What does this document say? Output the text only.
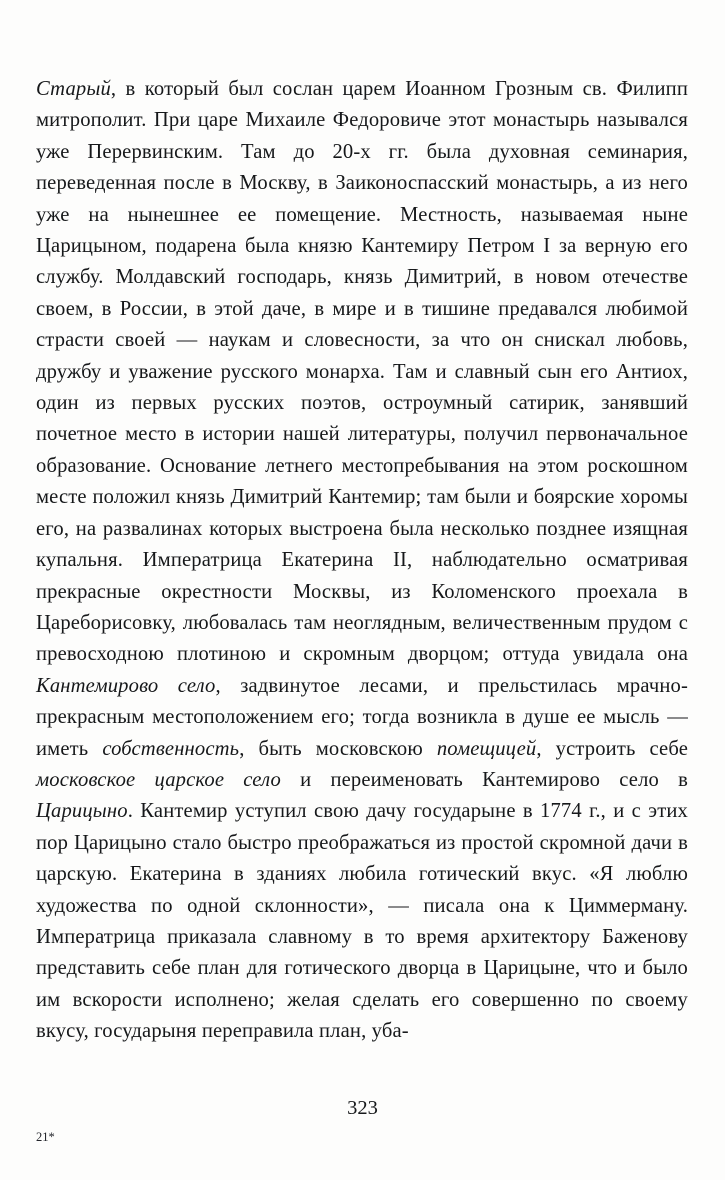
Старый, в который был сослан царем Иоанном Грозным св. Филипп митрополит. При царе Михаиле Федоровиче этот монастырь назывался уже Перервинским. Там до 20-х гг. была духовная семинария, переведенная после в Москву, в Заиконоспасский монастырь, а из него уже на нынешнее ее помещение. Местность, называемая ныне Царицыном, подарена была князю Кантемиру Петром I за верную его службу. Молдавский господарь, князь Димитрий, в новом отечестве своем, в России, в этой даче, в мире и в тишине предавался любимой страсти своей — наукам и словесности, за что он снискал любовь, дружбу и уважение русского монарха. Там и славный сын его Антиох, один из первых русских поэтов, остроумный сатирик, занявший почетное место в истории нашей литературы, получил первоначальное образование. Основание летнего местопребывания на этом роскошном месте положил князь Димитрий Кантемир; там были и боярские хоромы его, на развалинах которых выстроена была несколько позднее изящная купальня. Императрица Екатерина II, наблюдательно осматривая прекрасные окрестности Москвы, из Коломенского проехала в Цареборисовку, любовалась там неоглядным, величественным прудом с превосходною плотиною и скромным дворцом; оттуда увидала она Кантемирово село, задвинутое лесами, и прельстилась мрачно-прекрасным местоположением его; тогда возникла в душе ее мысль — иметь собственность, быть московскою помещицей, устроить себе московское царское село и переименовать Кантемирово село в Царицыно. Кантемир уступил свою дачу государыне в 1774 г., и с этих пор Царицыно стало быстро преображаться из простой скромной дачи в царскую. Екатерина в зданиях любила готический вкус. «Я люблю художества по одной склонности», — писала она к Циммерману. Императрица приказала славному в то время архитектору Баженову представить себе план для готического дворца в Царицыне, что и было им вскорости исполнено; желая сделать его совершенно по своему вкусу, государыня переправила план, уба-

323
21*
